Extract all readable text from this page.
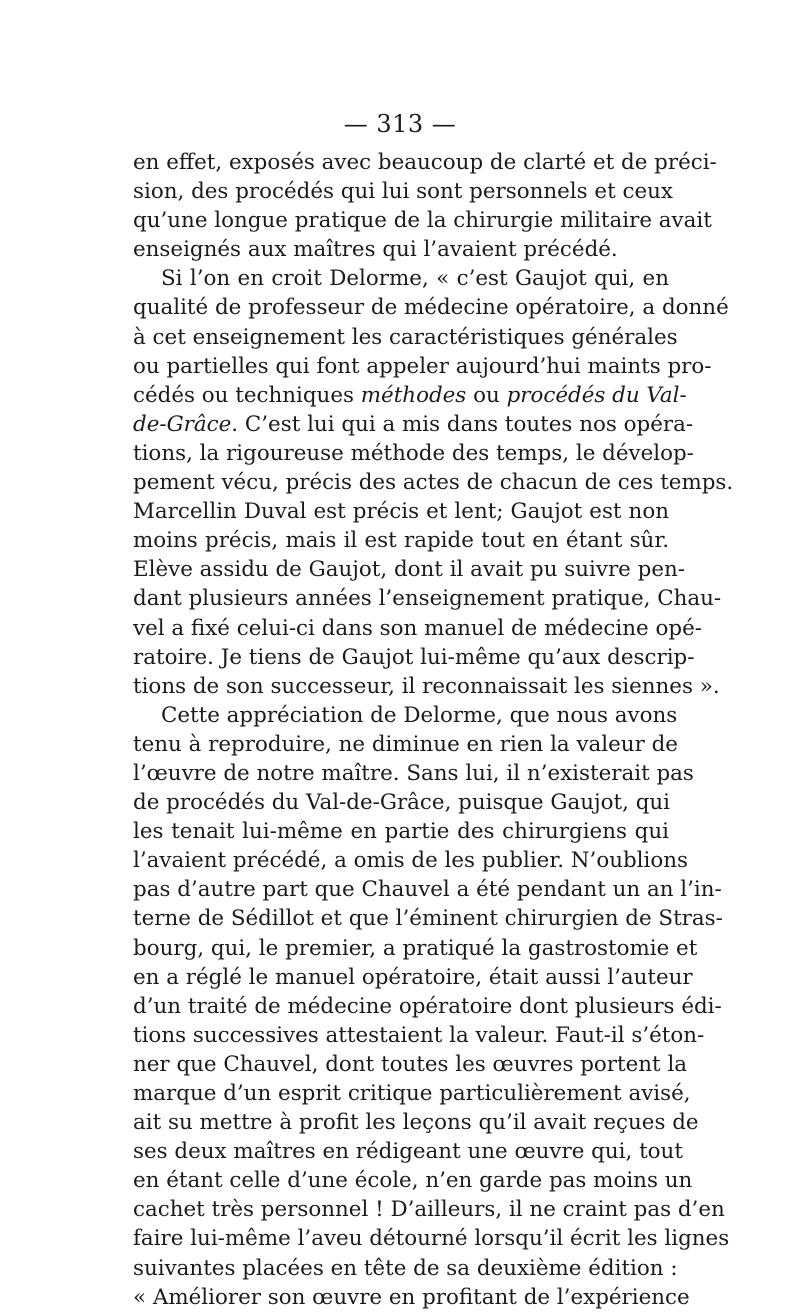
— 313 —
en effet, exposés avec beaucoup de clarté et de préci-
sion, des procédés qui lui sont personnels et ceux
qu’une longue pratique de la chirurgie militaire avait
enseignés aux maîtres qui l’avaient précédé.
Si l’on en croit Delorme, « c’est Gaujot qui, en
qualité de professeur de médecine opératoire, a donné
à cet enseignement les caractéristiques générales
ou partielles qui font appeler aujourd’hui maints pro-
cédés ou techniques méthodes ou procédés du Val-
de-Grâce. C’est lui qui a mis dans toutes nos opéra-
tions, la rigoureuse méthode des temps, le dévelop-
pement vécu, précis des actes de chacun de ces temps.
Marcellin Duval est précis et lent; Gaujot est non
moins précis, mais il est rapide tout en étant sûr.
Elève assidu de Gaujot, dont il avait pu suivre pen-
dant plusieurs années l’enseignement pratique, Chau-
vel a fixé celui-ci dans son manuel de médecine opé-
ratoire. Je tiens de Gaujot lui-même qu’aux descrip-
tions de son successeur, il reconnaissait les siennes ».
Cette appréciation de Delorme, que nous avons
tenu à reproduire, ne diminue en rien la valeur de
l’œuvre de notre maître. Sans lui, il n’existerait pas
de procédés du Val-de-Grâce, puisque Gaujot, qui
les tenait lui-même en partie des chirurgiens qui
l’avaient précédé, a omis de les publier. N’oublions
pas d’autre part que Chauvel a été pendant un an l’in-
terne de Sédillot et que l’éminent chirurgien de Stras-
bourg, qui, le premier, a pratiqué la gastrostomie et
en a réglé le manuel opératoire, était aussi l’auteur
d’un traité de médecine opératoire dont plusieurs édi-
tions successives attestaient la valeur. Faut-il s’éton-
ner que Chauvel, dont toutes les œuvres portent la
marque d’un esprit critique particulièrement avisé,
ait su mettre à profit les leçons qu’il avait reçues de
ses deux maîtres en rédigeant une œuvre qui, tout
en étant celle d’une école, n’en garde pas moins un
cachet très personnel ! D’ailleurs, il ne craint pas d’en
faire lui-même l’aveu détourné lorsqu’il écrit les lignes
suivantes placées en tête de sa deuxième édition :
« Améliorer son œuvre en profitant de l’expérience
